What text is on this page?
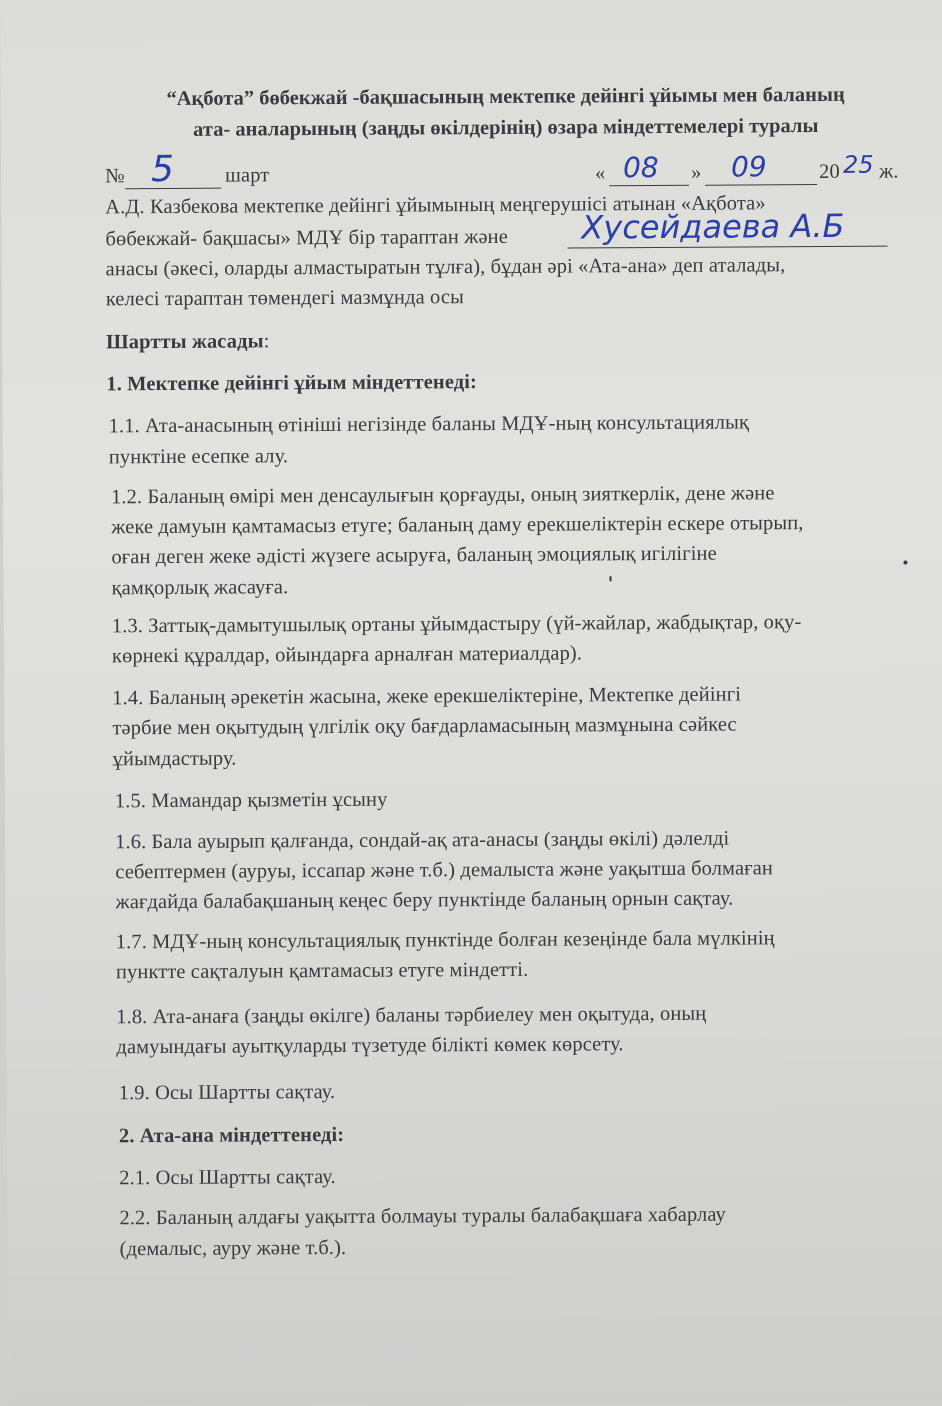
“Ақбота” бөбекжай -бақшасының мектепке дейінгі ұйымы мен баланың
ата- аналарының (заңды өкілдерінің) өзара міндеттемелері туралы
№ 5 шарт	« 08 » 09	20 25 ж.
А.Д. Казбекова мектепке дейінгі ұйымының меңгерушісі атынан «Ақбота»
бөбекжай- бақшасы» МДҰ бір тараптан және Хусейдаева А.Б
анасы (әкесі, оларды алмастыратын тұлға), бұдан әрі «Ата-ана» деп аталады,
келесі тараптан төмендегі мазмұнда осы
Шартты жасады:
1. Мектепке дейінгі ұйым міндеттенеді:
1.1. Ата-анасының өтініші негізінде баланы МДҰ-ның консультациялық
пунктіне есепке алу.
1.2. Баланың өмірі мен денсаулығын қорғауды, оның зияткерлік, дене және
жеке дамуын қамтамасыз етуге; баланың даму ерекшеліктерін ескере отырып,
оған деген жеке әдісті жүзеге асыруға, баланың эмоциялық игілігіне
қамқорлық жасауға.
1.3. Заттық-дамытушылық ортаны ұйымдастыру (үй-жайлар, жабдықтар, оқу-
көрнекі құралдар, ойындарға арналған материалдар).
1.4. Баланың әрекетін жасына, жеке ерекшеліктеріне, Мектепке дейінгі
тәрбие мен оқытудың үлгілік оқу бағдарламасының мазмұнына сәйкес
ұйымдастыру.
1.5. Мамандар қызметін ұсыну
1.6. Бала ауырып қалғанда, сондай-ақ ата-анасы (заңды өкілі) дәлелді
себептермен (ауруы, іссапар және т.б.) демалыста және уақытша болмаған
жағдайда балабақшаның кеңес беру пунктінде баланың орнын сақтау.
1.7. МДҰ-ның консультациялық пунктінде болған кезеңінде бала мүлкінің
пунктте сақталуын қамтамасыз етуге міндетті.
1.8. Ата-анаға (заңды өкілге) баланы тәрбиелеу мен оқытуда, оның
дамуындағы ауытқуларды түзетуде білікті көмек көрсету.
1.9. Осы Шартты сақтау.
2. Ата-ана міндеттенеді:
2.1. Осы Шартты сақтау.
2.2. Баланың алдағы уақытта болмауы туралы балабақшаға хабарлау
(демалыс, ауру және т.б.).
